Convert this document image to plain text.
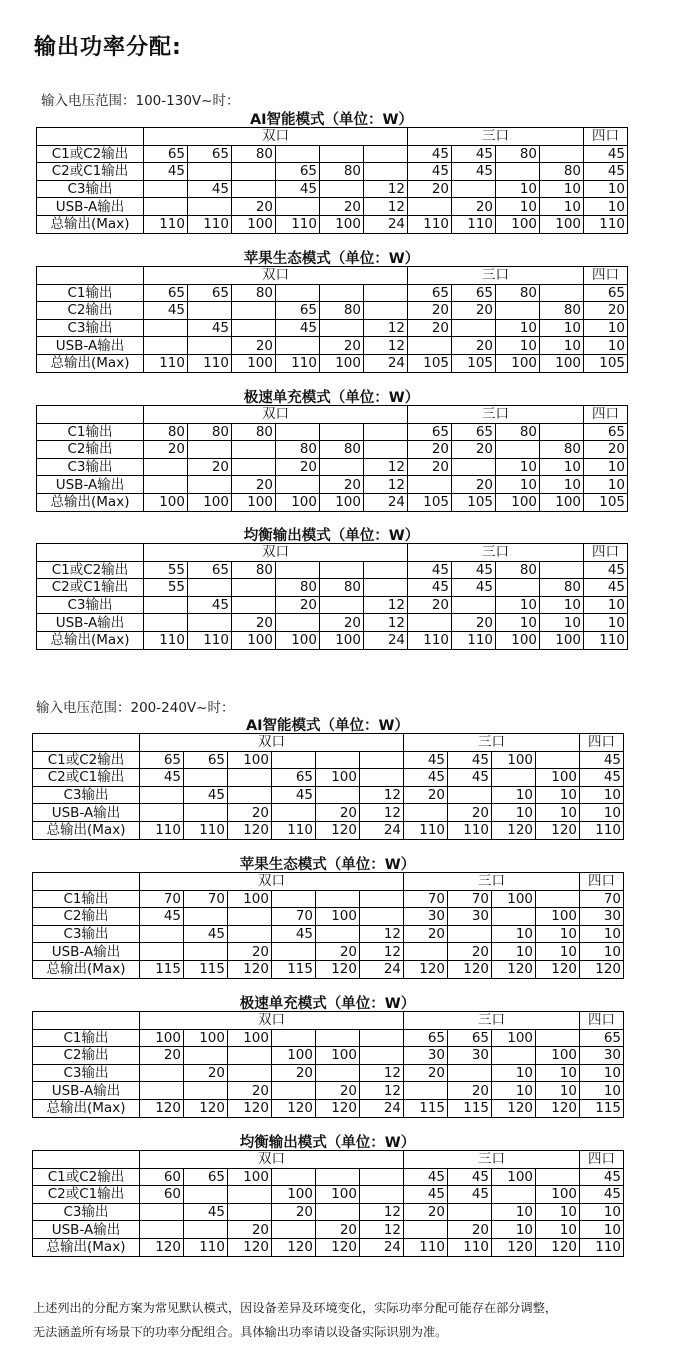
输出功率分配:
输入电压范围：100-130V~时：
AI智能模式（单位：W）
	双口						三口				四口
C1或C2输出	65	65	80				45	45	80		45
C2或C1输出	45			65	80		45	45		80	45
C3输出		45		45		12	20		10	10	10
USB-A输出			20		20	12		20	10	10	10
总输出(Max)	110	110	100	110	100	24	110	110	100	100	110
苹果生态模式（单位：W）
	双口						三口				四口
C1输出	65	65	80				65	65	80		65
C2输出	45			65	80		20	20		80	20
C3输出		45		45		12	20		10	10	10
USB-A输出			20		20	12		20	10	10	10
总输出(Max)	110	110	100	110	100	24	105	105	100	100	105
极速单充模式（单位：W）
	双口						三口				四口
C1输出	80	80	80				65	65	80		65
C2输出	20			80	80		20	20		80	20
C3输出		20		20		12	20		10	10	10
USB-A输出			20		20	12		20	10	10	10
总输出(Max)	100	100	100	100	100	24	105	105	100	100	105
均衡输出模式（单位：W）
	双口						三口				四口
C1或C2输出	55	65	80				45	45	80		45
C2或C1输出	55			80	80		45	45		80	45
C3输出		45		20		12	20		10	10	10
USB-A输出			20		20	12		20	10	10	10
总输出(Max)	110	110	100	100	100	24	110	110	100	100	110
输入电压范围：200-240V~时：
AI智能模式（单位：W）
	双口						三口				四口
C1或C2输出	65	65	100				45	45	100		45
C2或C1输出	45			65	100		45	45		100	45
C3输出		45		45		12	20		10	10	10
USB-A输出			20		20	12		20	10	10	10
总输出(Max)	110	110	120	110	120	24	110	110	120	120	110
苹果生态模式（单位：W）
	双口						三口				四口
C1输出	70	70	100				70	70	100		70
C2输出	45			70	100		30	30		100	30
C3输出		45		45		12	20		10	10	10
USB-A输出			20		20	12		20	10	10	10
总输出(Max)	115	115	120	115	120	24	120	120	120	120	120
极速单充模式（单位：W）
	双口						三口				四口
C1输出	100	100	100				65	65	100		65
C2输出	20			100	100		30	30		100	30
C3输出		20		20		12	20		10	10	10
USB-A输出			20		20	12		20	10	10	10
总输出(Max)	120	120	120	120	120	24	115	115	120	120	115
均衡输出模式（单位：W）
	双口						三口				四口
C1或C2输出	60	65	100				45	45	100		45
C2或C1输出	60			100	100		45	45		100	45
C3输出		45		20		12	20		10	10	10
USB-A输出			20		20	12		20	10	10	10
总输出(Max)	120	110	120	120	120	24	110	110	120	120	110

上述列出的分配方案为常见默认模式，因设备差异及环境变化，实际功率分配可能存在部分调整，
无法涵盖所有场景下的功率分配组合。具体输出功率请以设备实际识别为准。
